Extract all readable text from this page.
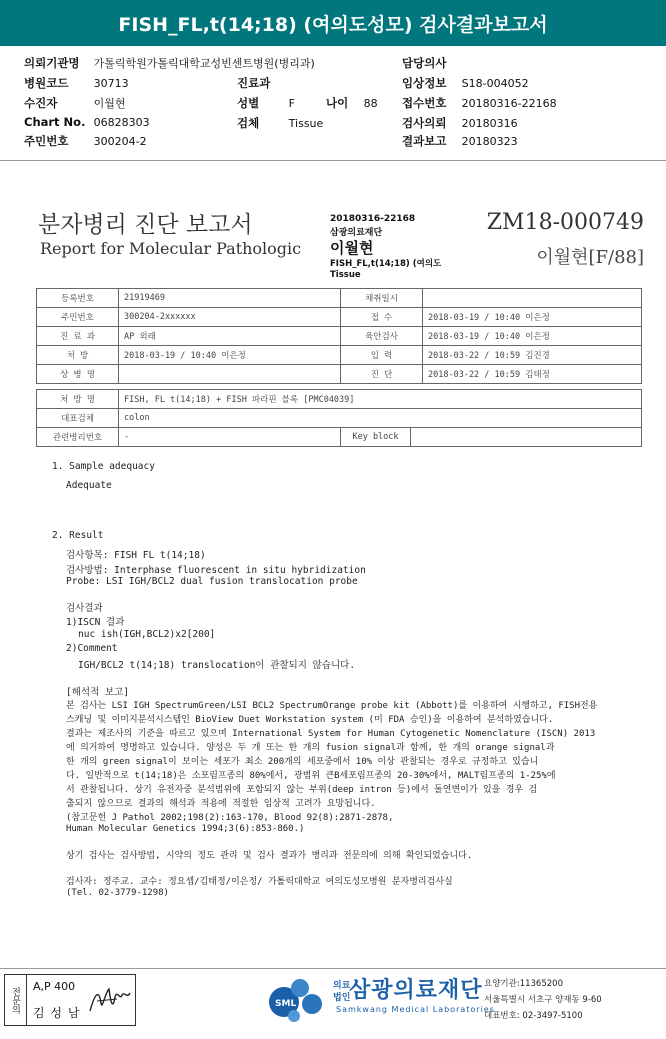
FISH_FL,t(14;18) (여의도성모) 검사결과보고서
의뢰기관명 가톨릭학원가톨릭대학교성빈센트병원(병리과)	담당의사
병원코드 30713	진료과	임상정보 S18-004052
수진자	이월현	성별	F	나이 88 접수번호 20180316-22168
Chart No. 06828303	검체	Tissue	검사의뢰 20180316
주민번호 300204-2	결과보고 20180323
분자병리 진단 보고서
Report for Molecular Pathologic
20180316-22168
삼광의료재단
이월현
FISH_FL,t(14;18) (여의도
Tissue
ZM18-000749
이월현[F/88]
등록번호	21919469	채취일시	
주민번호	300204-2xxxxxx	접 수	2018-03-19 / 10:40 이은정
진 료 과	AP 외래	육안검사	2018-03-19 / 10:40 이은정
처 방	2018-03-19 / 10:40 이은정	입 력	2018-03-22 / 10:59 김진경
상 병 명		진 단	2018-03-22 / 10:59 김태정
처 방 명	FISH, FL t(14;18) + FISH 파라핀 블록 [PMC04039]		
대표검체	colon		
관련병리번호	-	Key block	
1. Sample adequacy
Adequate
2. Result
검사항목: FISH FL t(14;18)
검사방법: Interphase fluorescent in situ hybridization
Probe: LSI IGH/BCL2 dual fusion translocation probe
검사결과
1)ISCN 결과
nuc ish(IGH,BCL2)x2[200]
2)Comment
IGH/BCL2 t(14;18) translocation이 관찰되지 않습니다.
[해석적 보고]
본 검사는 LSI IGH SpectrumGreen/LSI BCL2 SpectrumOrange probe kit (Abbott)를 이용하여 시행하고, FISH전용
스캐닝 및 이미지분석시스템인 BioView Duet Workstation system (미 FDA 승인)을 이용하여 분석하였습니다.
결과는 제조사의 기준을 따르고 있으며 International System for Human Cytogenetic Nomenclature (ISCN) 2013
에 의거하여 명명하고 있습니다. 양성은 두 개 또는 한 개의 fusion signal과 함께, 한 개의 orange signal과
한 개의 green signal이 보이는 세포가 최소 200개의 세포중에서 10% 이상 관찰되는 경우로 규정하고 있습니
다. 일반적으로 t(14;18)은 소포림프종의 80%에서, 광범위 큰B세포림프종의 20-30%에서, MALT림프종의 1-25%에
서 관찰됩니다. 상기 유전자중 분석범위에 포함되지 않는 부위(deep intron 등)에서 돌연변이가 있을 경우 검
출되지 않으므로 결과의 해석과 적용에 적절한 임상적 고려가 요망됩니다.
(참고문헌 J Pathol 2002;198(2):163-170, Blood 92(8):2871-2878,
Human Molecular Genetics 1994;3(6):853-860.)
상기 검사는 검사방법, 시약의 정도 관리 및 검사 결과가 병리과 전문의에 의해 확인되었습니다.
검사자: 정주교. 교수: 정요셉/김태정/이은정/ 가톨릭대학교 여의도성모병원 분자병리검사실
(Tel. 02-3779-1298)
전문의	A,P 400
김 성 남
SML
의료
법인
삼광의료재단
Samkwang Medical Laboratories
요양기관:11365200
서울특별시 서초구 양재동 9-60
대표번호: 02-3497-5100
